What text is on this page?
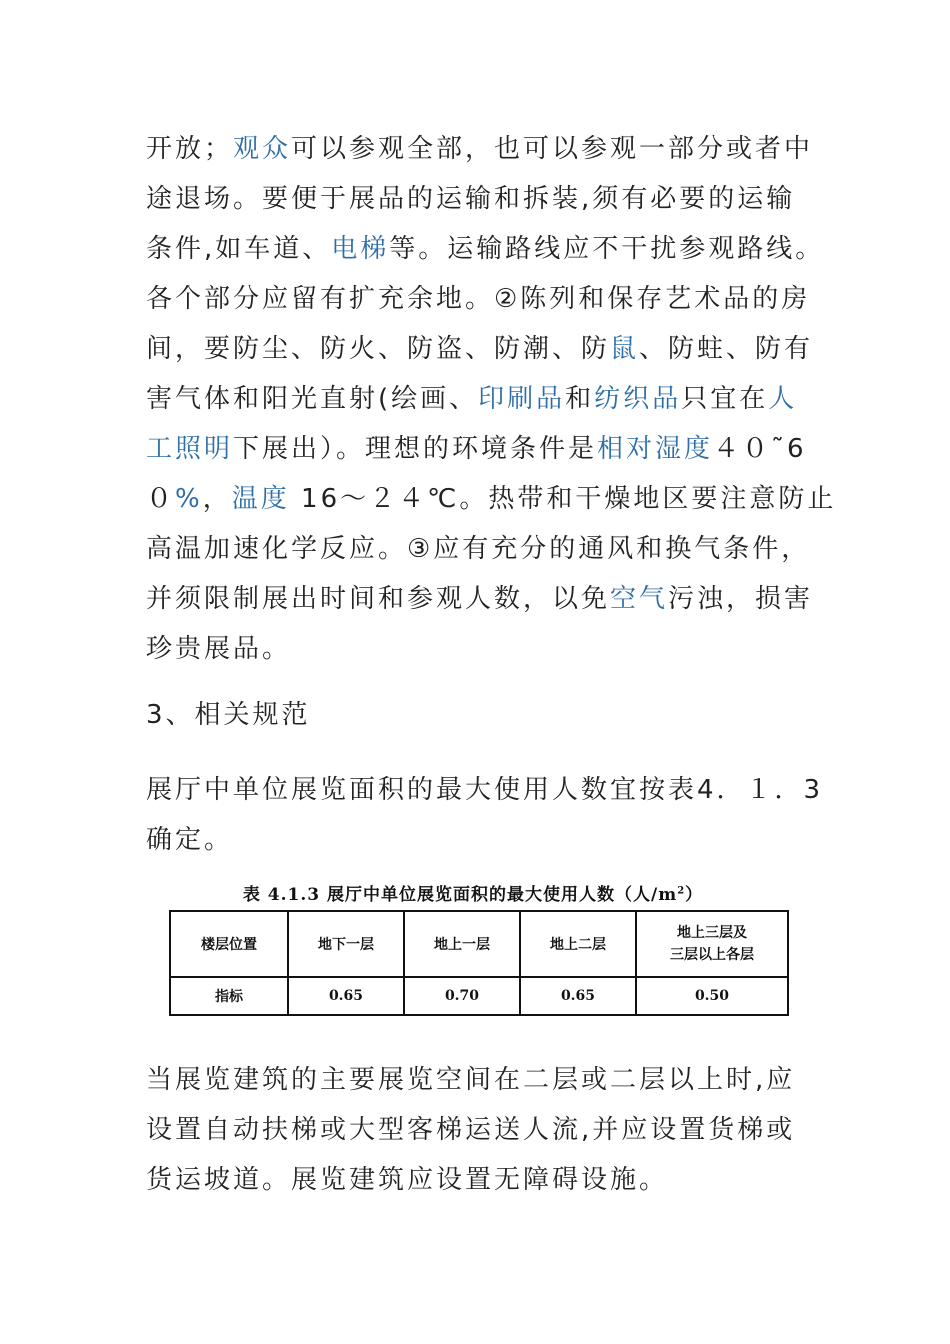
开放；观众可以参观全部，也可以参观一部分或者中
途退场。要便于展品的运输和拆装,须有必要的运输
条件,如车道、电梯等。运输路线应不干扰参观路线。
各个部分应留有扩充余地。②陈列和保存艺术品的房
间，要防尘、防火、防盗、防潮、防鼠、防蛀、防有
害气体和阳光直射(绘画、印刷品和纺织品只宜在人
工照明下展出）。理想的环境条件是相对湿度４０˜6
０%，温度 16～２４℃。热带和干燥地区要注意防止
高温加速化学反应。③应有充分的通风和换气条件，
并须限制展出时间和参观人数，以免空气污浊，损害
珍贵展品。
3、相关规范
展厅中单位展览面积的最大使用人数宜按表4．１．3
确定。
表 4.1.3 展厅中单位展览面积的最大使用人数（人$/m^2$）
楼层位置	地下一层	地上一层	地上二层	地上三层及
三层以上各层

指标	0.65	0.70	0.65	0.50
当展览建筑的主要展览空间在二层或二层以上时,应
设置自动扶梯或大型客梯运送人流,并应设置货梯或
货运坡道。展览建筑应设置无障碍设施。
